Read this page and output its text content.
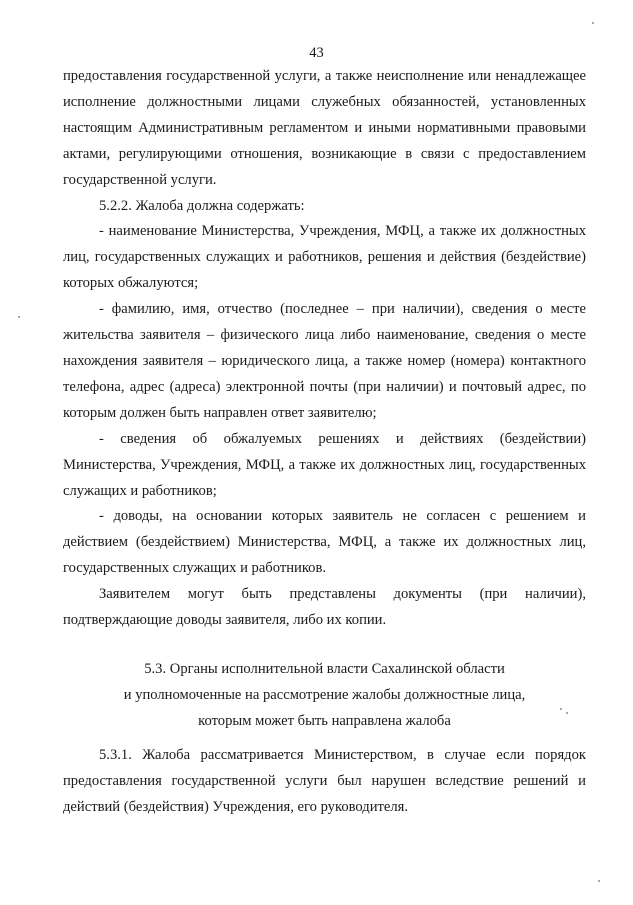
43

предоставления государственной услуги, а также неисполнение или ненадлежащее исполнение должностными лицами служебных обязанностей, установленных настоящим Административным регламентом и иными нормативными правовыми актами, регулирующими отношения, возникающие в связи с предоставлением государственной услуги.

5.2.2. Жалоба должна содержать:

- наименование Министерства, Учреждения, МФЦ, а также их должностных лиц, государственных служащих и работников, решения и действия (бездействие) которых обжалуются;

- фамилию, имя, отчество (последнее – при наличии), сведения о месте жительства заявителя – физического лица либо наименование, сведения о месте нахождения заявителя – юридического лица, а также номер (номера) контактного телефона, адрес (адреса) электронной почты (при наличии) и почтовый адрес, по которым должен быть направлен ответ заявителю;

- сведения об обжалуемых решениях и действиях (бездействии) Министерства, Учреждения, МФЦ, а также их должностных лиц, государственных служащих и работников;

- доводы, на основании которых заявитель не согласен с решением и действием (бездействием) Министерства, МФЦ, а также их должностных лиц, государственных служащих и работников.

Заявителем могут быть представлены документы (при наличии), подтверждающие доводы заявителя, либо их копии.

5.3. Органы исполнительной власти Сахалинской области
и уполномоченные на рассмотрение жалобы должностные лица,
которым может быть направлена жалоба

5.3.1. Жалоба рассматривается Министерством, в случае если порядок предоставления государственной услуги был нарушен вследствие решений и действий (бездействия) Учреждения, его руководителя.
